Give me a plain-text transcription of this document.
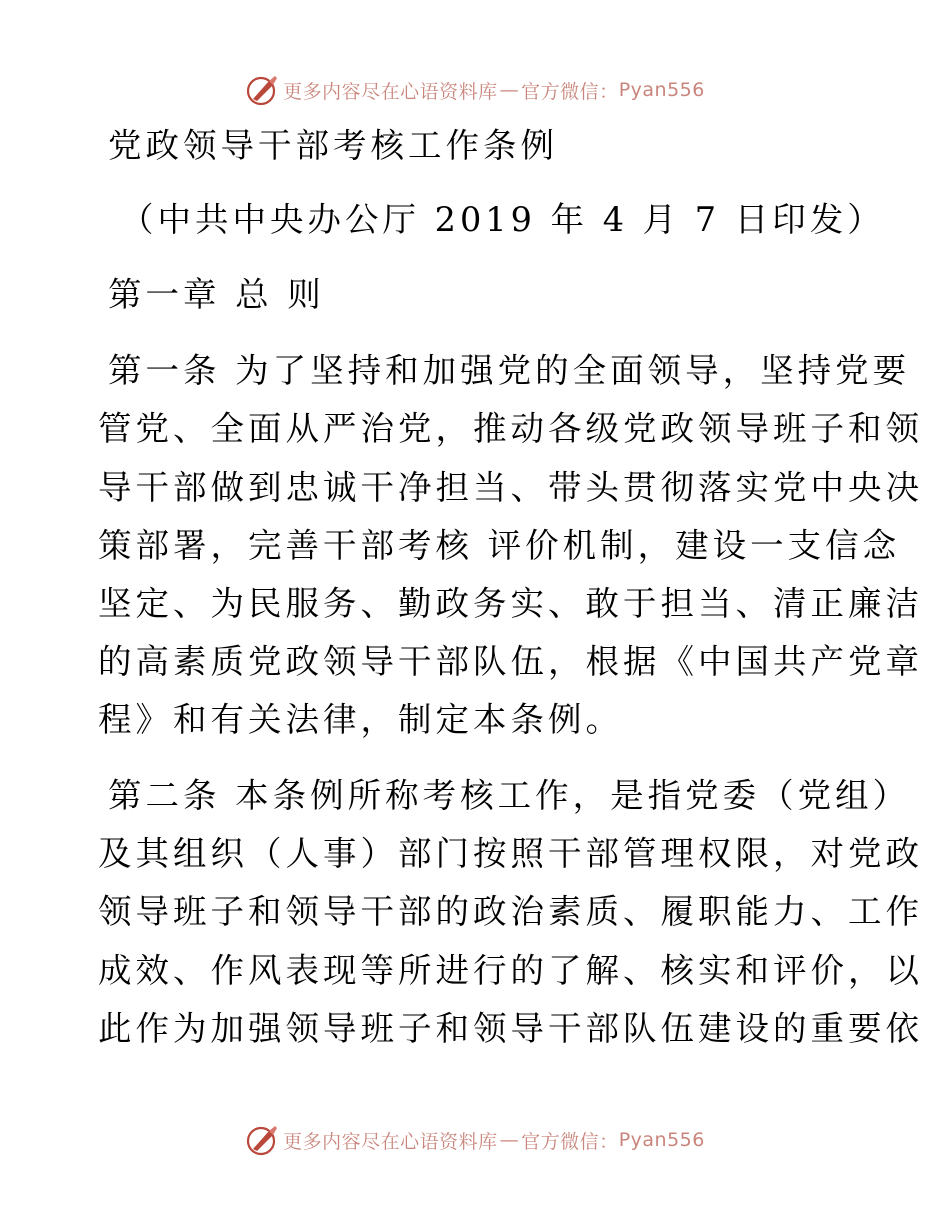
更多内容尽在心语资料库 — 官方微信： Pyan556
党政领导干部考核工作条例
（中共中央办公厅 2019 年 4 月 7 日印发）
第一章 总 则
第一条 为了坚持和加强党的全面领导，坚持党要
管党、全面从严治党，推动各级党政领导班子和领
导干部做到忠诚干净担当、带头贯彻落实党中央决
策部署，完善干部考核 评价机制，建设一支信念
坚定、为民服务、勤政务实、敢于担当、清正廉洁
的高素质党政领导干部队伍，根据《中国共产党章
程》和有关法律，制定本条例。
第二条 本条例所称考核工作，是指党委（党组）
及其组织（人事）部门按照干部管理权限，对党政
领导班子和领导干部的政治素质、履职能力、工作
成效、作风表现等所进行的了解、核实和评价，以
此作为加强领导班子和领导干部队伍建设的重要依
更多内容尽在心语资料库 — 官方微信： Pyan556
